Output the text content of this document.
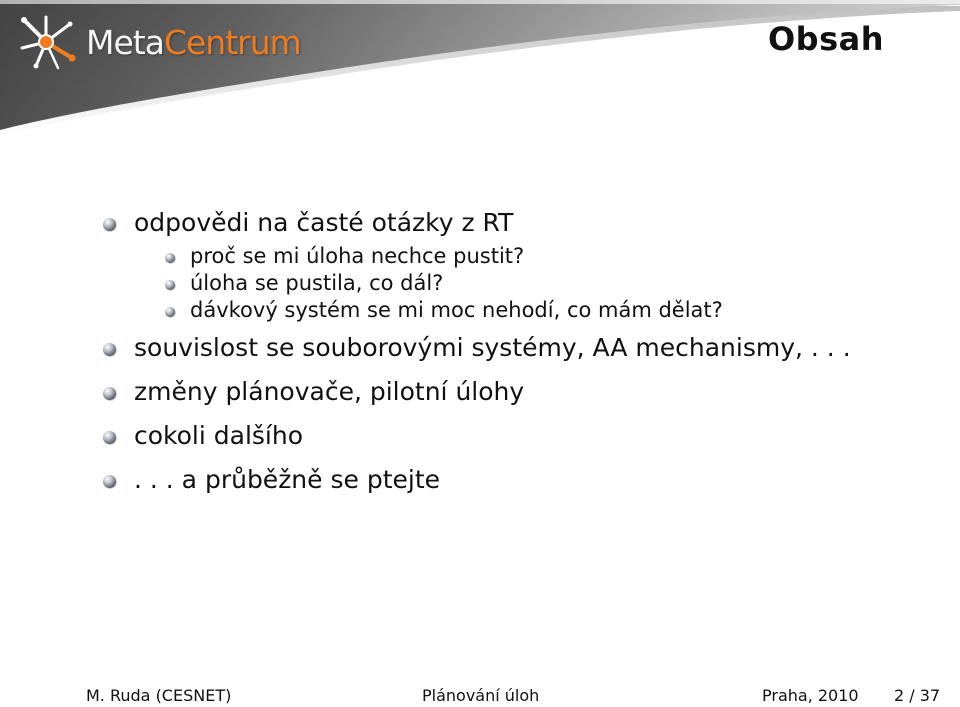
MetaCentrum	Obsah
odpovědi na časté otázky z RT
proč se mi úloha nechce pustit?
úloha se pustila, co dál?
dávkový systém se mi moc nehodí, co mám dělat?
souvislost se souborovými systémy, AA mechanismy, . . .
změny plánovače, pilotní úlohy
cokoli dalšího
. . . a průběžně se ptejte
M. Ruda (CESNET)	Plánování úloh	Praha, 2010 2 / 37
